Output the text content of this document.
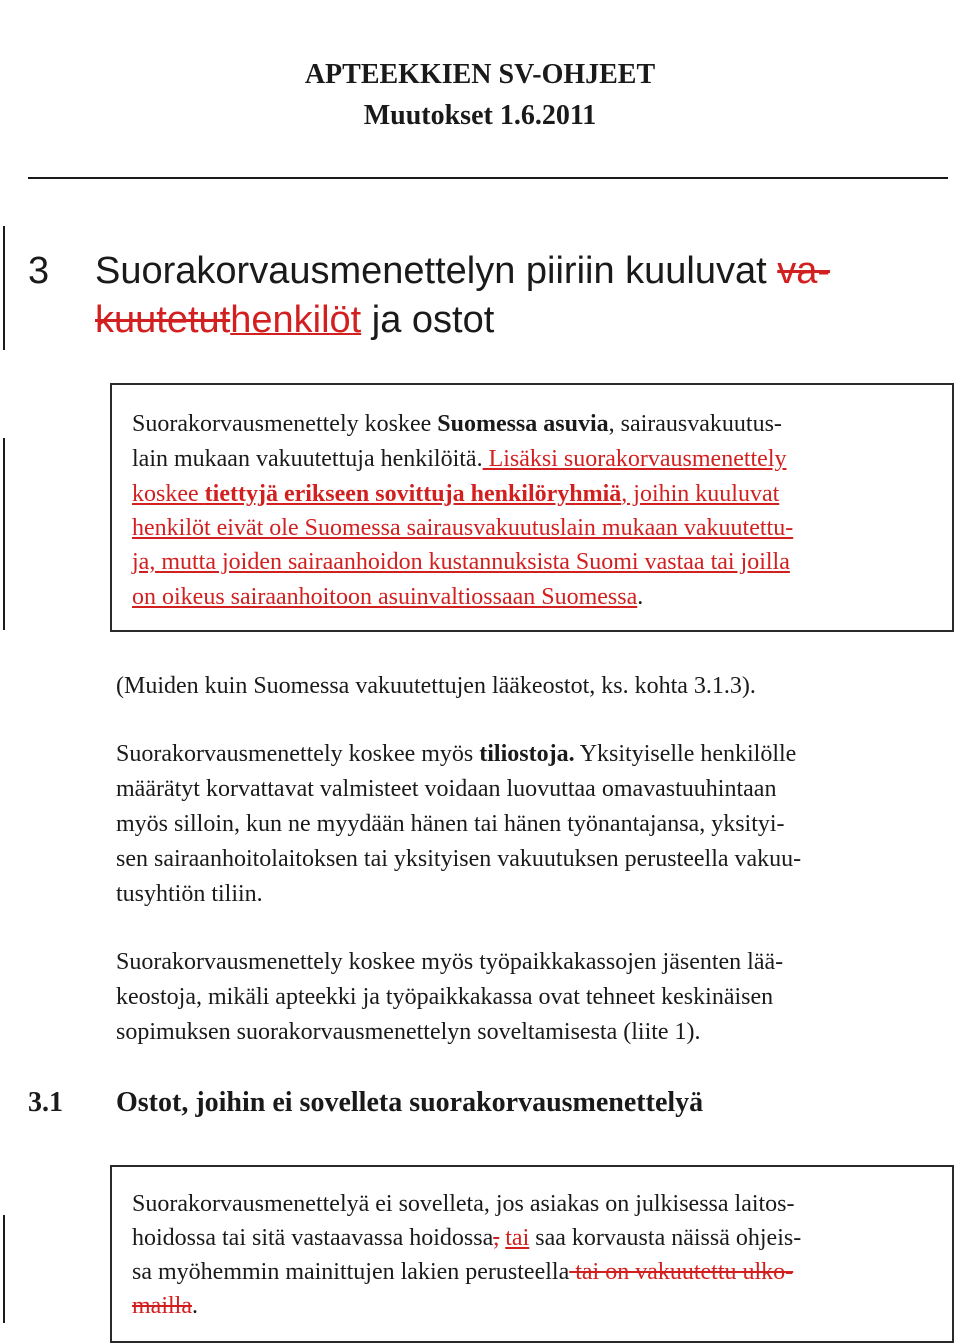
APTEEKKIEN SV-OHJEET
Muutokset 1.6.2011
3 Suorakorvausmenettelyn piiriin kuuluvat va-
kuutetuthenkilöt ja ostot
Suorakorvausmenettely koskee Suomessa asuvia, sairausvakuutus-
lain mukaan vakuutettuja henkilöitä. Lisäksi suorakorvausmenettely
koskee tiettyjä erikseen sovittuja henkilöryhmiä, joihin kuuluvat
henkilöt eivät ole Suomessa sairausvakuutuslain mukaan vakuutettu-
ja, mutta joiden sairaanhoidon kustannuksista Suomi vastaa tai joilla
on oikeus sairaanhoitoon asuinvaltiossaan Suomessa.
(Muiden kuin Suomessa vakuutettujen lääkeostot, ks. kohta 3.1.3).
Suorakorvausmenettely koskee myös tiliostoja. Yksityiselle henkilölle
määrätyt korvattavat valmisteet voidaan luovuttaa omavastuuhintaan
myös silloin, kun ne myydään hänen tai hänen työnantajansa, yksityi-
sen sairaanhoitolaitoksen tai yksityisen vakuutuksen perusteella vakuu-
tusyhtiön tiliin.
Suorakorvausmenettely koskee myös työpaikkakassojen jäsenten lää-
keostoja, mikäli apteekki ja työpaikkakassa ovat tehneet keskinäisen
sopimuksen suorakorvausmenettelyn soveltamisesta (liite 1).
3.1 Ostot, joihin ei sovelleta suorakorvausmenettelyä
Suorakorvausmenettelyä ei sovelleta, jos asiakas on julkisessa laitos-
hoidossa tai sitä vastaavassa hoidossa, tai saa korvausta näissä ohjeis-
sa myöhemmin mainittujen lakien perusteella tai on vakuutettu ulko-
mailla.
